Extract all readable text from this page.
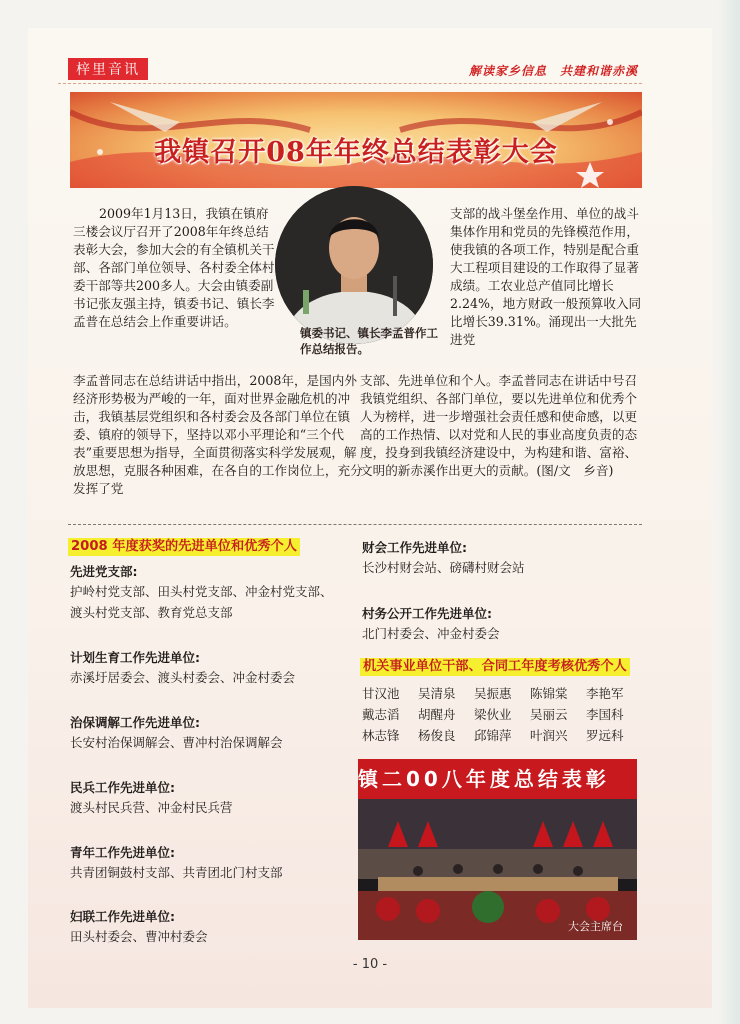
梓里音讯	解读家乡信息　共建和谐赤溪
我镇召开08年年终总结表彰大会
2009年1月13日，我镇在镇府三楼会议厅召开了2008年年终总结表彰大会，参加大会的有全镇机关干部、各部门单位领导、各村委全体村委干部等共200多人。大会由镇委副书记张友强主持，镇委书记、镇长李孟普在总结会上作重要讲话。
镇委书记、镇长李孟普作工作总结报告。
支部的战斗堡垒作用、单位的战斗集体作用和党员的先锋模范作用，使我镇的各项工作，特别是配合重大工程项目建设的工作取得了显著成绩。工农业总产值同比增长2.24%，地方财政一般预算收入同比增长39.31%。涌现出一大批先进党
李孟普同志在总结讲话中指出，2008年，是国内外经济形势极为严峻的一年，面对世界金融危机的冲击，我镇基层党组织和各村委会及各部门单位在镇委、镇府的领导下，坚持以邓小平理论和“三个代表”重要思想为指导，全面贯彻落实科学发展观，解放思想，克服各种困难，在各自的工作岗位上，充分发挥了党
支部、先进单位和个人。李孟普同志在讲话中号召我镇党组织、各部门单位，要以先进单位和优秀个人为榜样，进一步增强社会责任感和使命感，以更高的工作热情、以对党和人民的事业高度负责的态度，投身到我镇经济建设中，为构建和谐、富裕、文明的新赤溪作出更大的贡献。(图/文　乡音)
2008 年度获奖的先进单位和优秀个人
先进党支部:
护岭村党支部、田头村党支部、冲金村党支部、
渡头村党支部、教育党总支部
计划生育工作先进单位:
赤溪圩居委会、渡头村委会、冲金村委会
治保调解工作先进单位:
长安村治保调解会、曹冲村治保调解会
民兵工作先进单位:
渡头村民兵营、冲金村民兵营
青年工作先进单位:
共青团铜鼓村支部、共青团北门村支部
妇联工作先进单位:
田头村委会、曹冲村委会
财会工作先进单位:
长沙村财会站、磅礴村财会站
村务公开工作先进单位:
北门村委会、冲金村委会
机关事业单位干部、合同工年度考核优秀个人
甘汉池	吴清泉	吴振惠	陈锦棠	李艳军
戴志滔	胡醒舟	梁伙业	吴丽云	李国科
林志锋	杨俊良	邱锦萍	叶润兴	罗远科
镇二00八年度总结表彰
大会主席台
- 10 -
